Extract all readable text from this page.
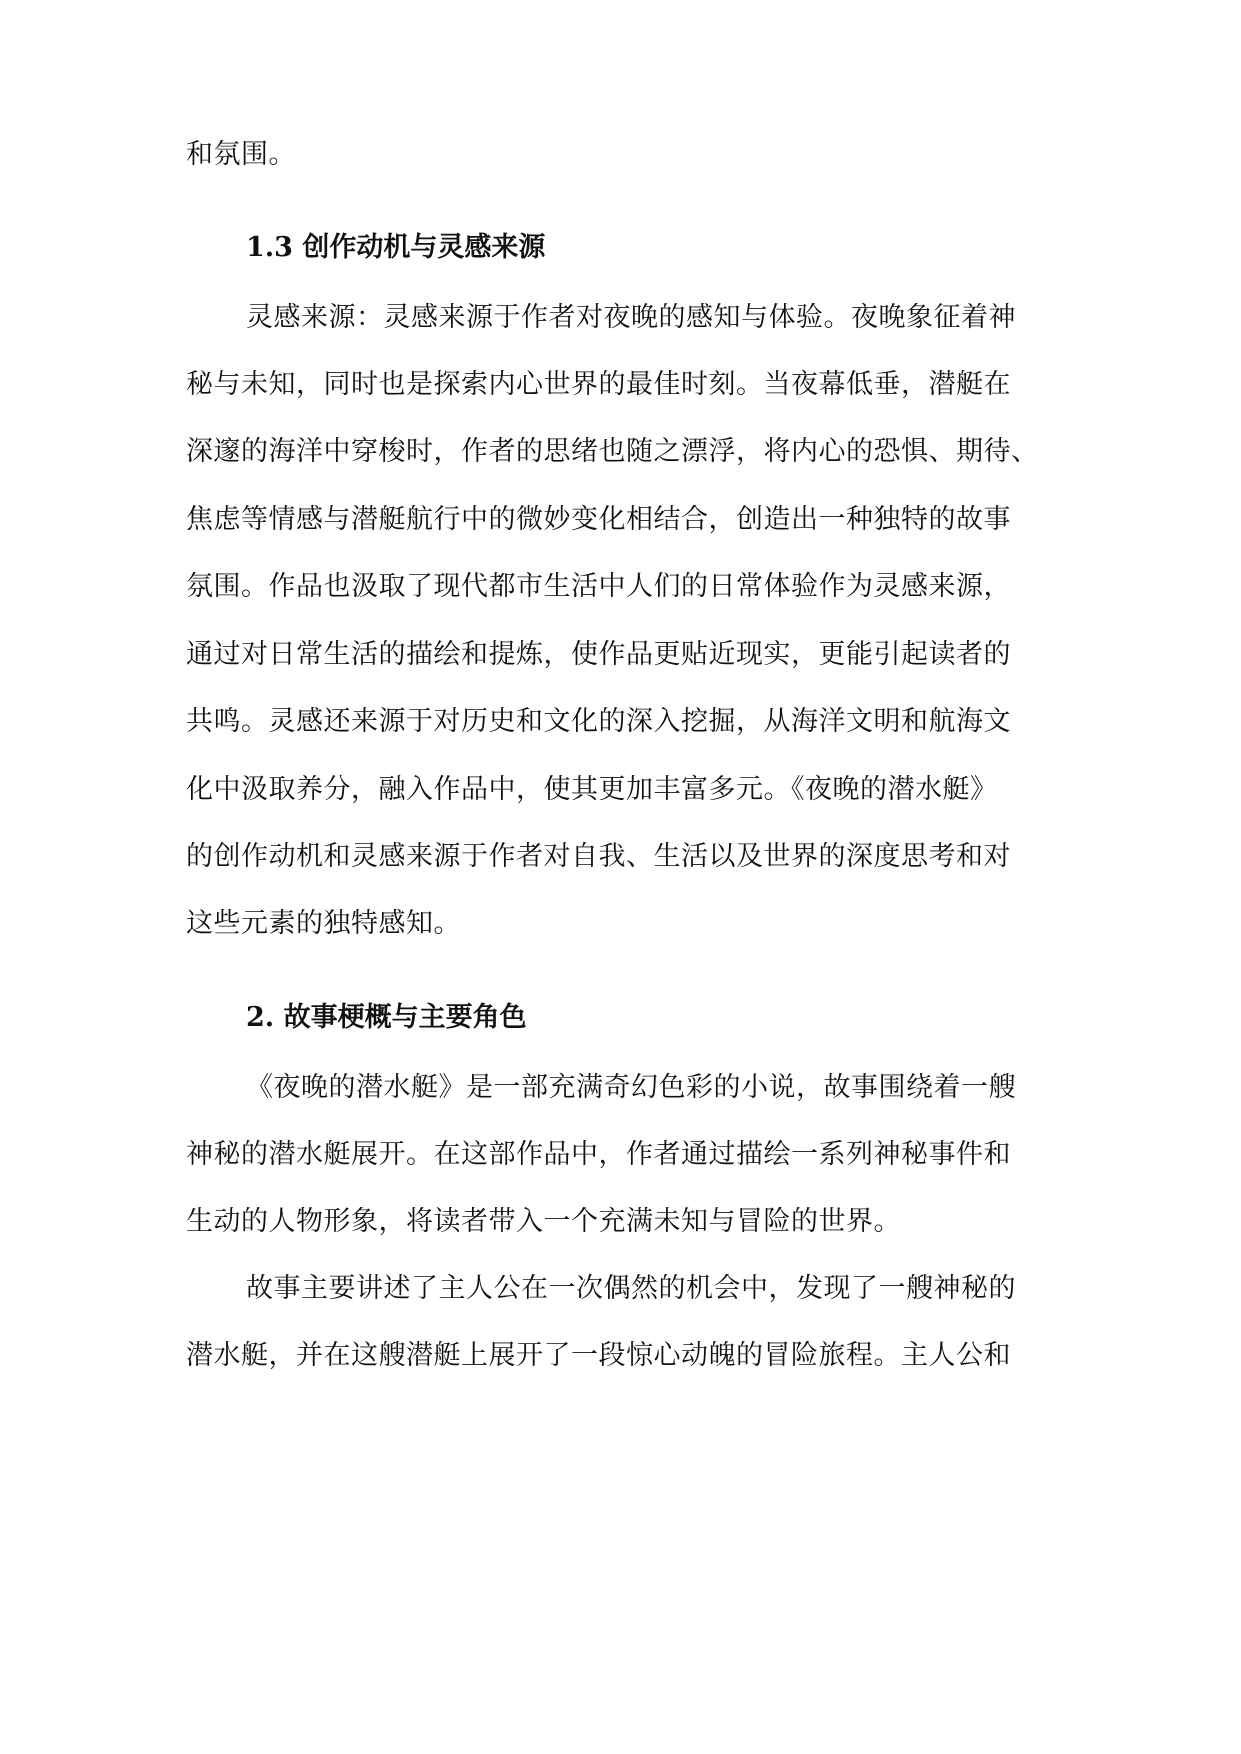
和氛围。
1.3 创作动机与灵感来源
灵感来源：灵感来源于作者对夜晚的感知与体验。夜晚象征着神
秘与未知，同时也是探索内心世界的最佳时刻。当夜幕低垂，潜艇在
深邃的海洋中穿梭时，作者的思绪也随之漂浮，将内心的恐惧、期待、
焦虑等情感与潜艇航行中的微妙变化相结合，创造出一种独特的故事
氛围。作品也汲取了现代都市生活中人们的日常体验作为灵感来源，
通过对日常生活的描绘和提炼，使作品更贴近现实，更能引起读者的
共鸣。灵感还来源于对历史和文化的深入挖掘，从海洋文明和航海文
化中汲取养分，融入作品中，使其更加丰富多元。《夜晚的潜水艇》
的创作动机和灵感来源于作者对自我、生活以及世界的深度思考和对
这些元素的独特感知。
2. 故事梗概与主要角色
《夜晚的潜水艇》是一部充满奇幻色彩的小说，故事围绕着一艘
神秘的潜水艇展开。在这部作品中，作者通过描绘一系列神秘事件和
生动的人物形象，将读者带入一个充满未知与冒险的世界。
故事主要讲述了主人公在一次偶然的机会中，发现了一艘神秘的
潜水艇，并在这艘潜艇上展开了一段惊心动魄的冒险旅程。主人公和
